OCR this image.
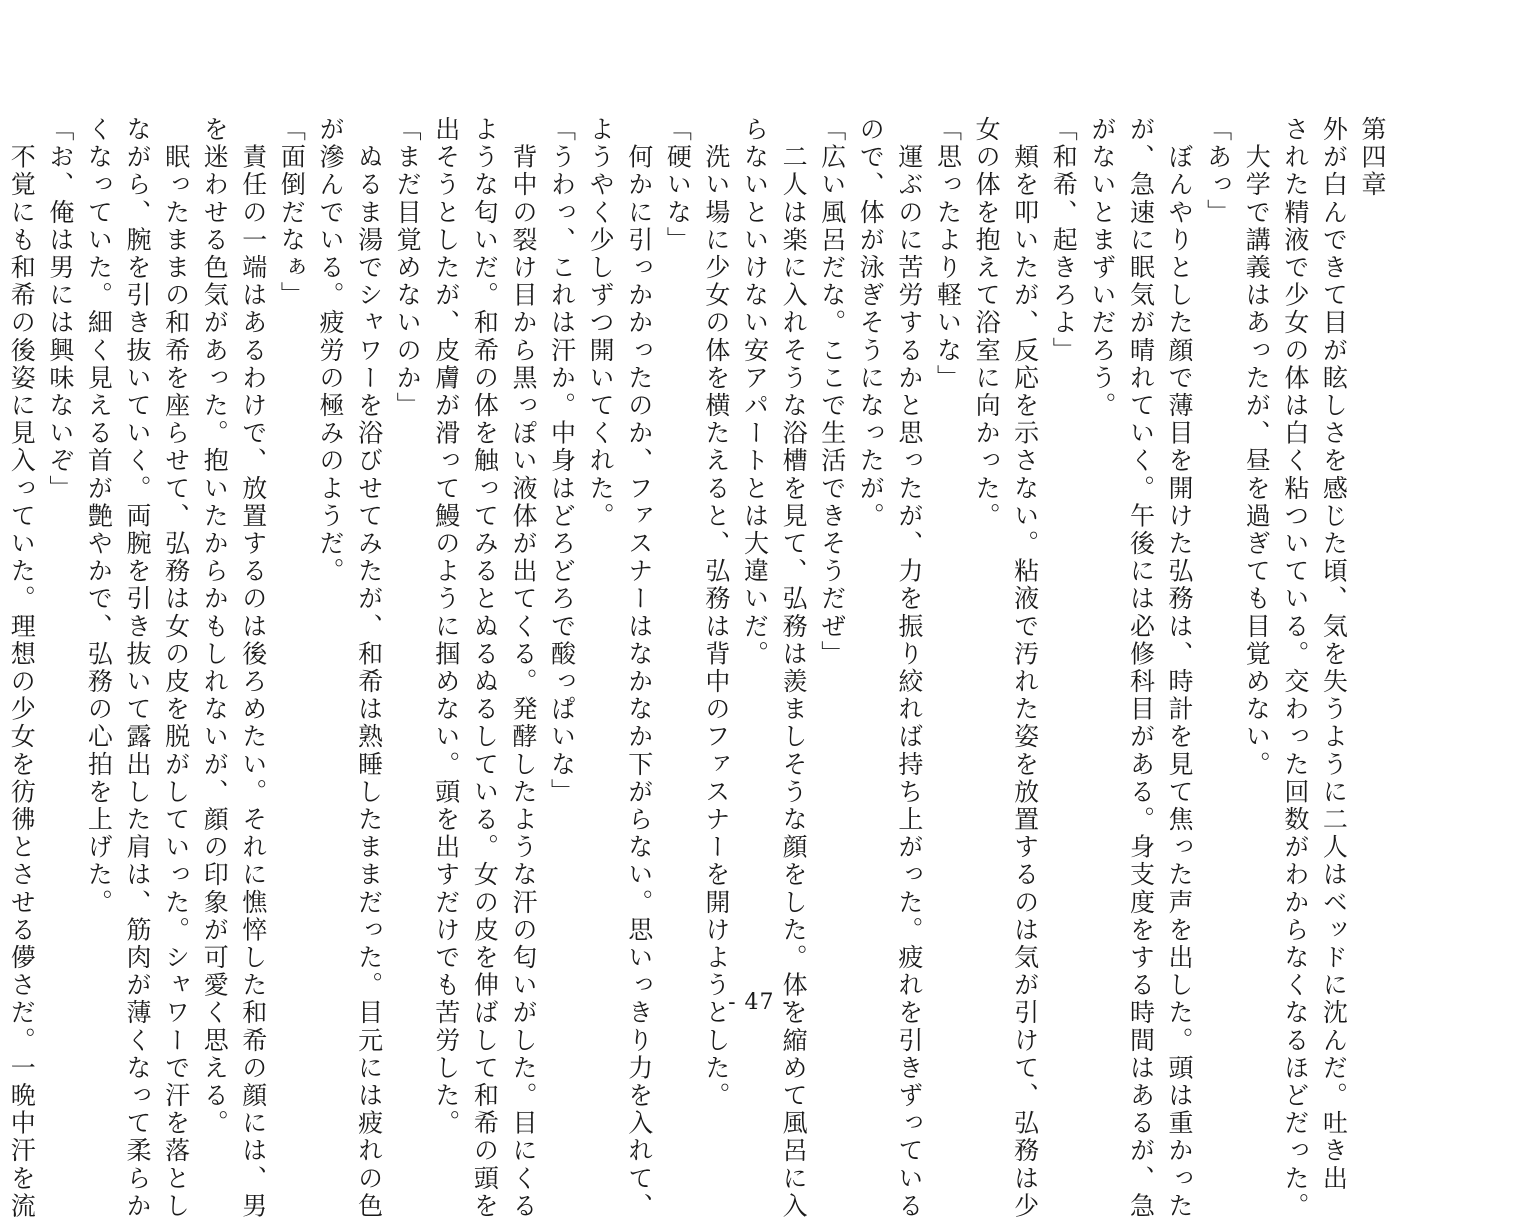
第四章
外が白んできて目が眩しさを感じた頃、気を失うように二人はベッドに沈んだ。吐き出
された精液で少女の体は白く粘ついている。交わった回数がわからなくなるほどだった。
　大学で講義はあったが、昼を過ぎても目覚めない。
「あっ」
　ぼんやりとした顔で薄目を開けた弘務は、時計を見て焦った声を出した。頭は重かった
が、急速に眠気が晴れていく。午後には必修科目がある。身支度をする時間はあるが、急
がないとまずいだろう。
「和希、起きろよ」
　頬を叩いたが、反応を示さない。粘液で汚れた姿を放置するのは気が引けて、弘務は少
女の体を抱えて浴室に向かった。
「思ったより軽いな」
　運ぶのに苦労するかと思ったが、力を振り絞れば持ち上がった。疲れを引きずっている
ので、体が泳ぎそうになったが。
「広い風呂だな。ここで生活できそうだぜ」
　二人は楽に入れそうな浴槽を見て、弘務は羨ましそうな顔をした。体を縮めて風呂に入
らないといけない安アパートとは大違いだ。
　洗い場に少女の体を横たえると、弘務は背中のファスナーを開けようとした。
「硬いな」
　何かに引っかかったのか、ファスナーはなかなか下がらない。思いっきり力を入れて、
ようやく少しずつ開いてくれた。
「うわっ、これは汗か。中身はどろどろで酸っぱいな」
　背中の裂け目から黒っぽい液体が出てくる。発酵したような汗の匂いがした。目にくる
ような匂いだ。和希の体を触ってみるとぬるぬるしている。女の皮を伸ばして和希の頭を
出そうとしたが、皮膚が滑って鰻のように掴めない。頭を出すだけでも苦労した。
「まだ目覚めないのか」
　ぬるま湯でシャワーを浴びせてみたが、和希は熟睡したままだった。目元には疲れの色
が滲んでいる。疲労の極みのようだ。
「面倒だなぁ」
　責任の一端はあるわけで、放置するのは後ろめたい。それに憔悴した和希の顔には、男
を迷わせる色気があった。抱いたからかもしれないが、顔の印象が可愛く思える。
　眠ったままの和希を座らせて、弘務は女の皮を脱がしていった。シャワーで汗を落とし
ながら、腕を引き抜いていく。両腕を引き抜いて露出した肩は、筋肉が薄くなって柔らか
くなっていた。細く見える首が艶やかで、弘務の心拍を上げた。
「お、俺は男には興味ないぞ」
　不覚にも和希の後姿に見入っていた。理想の少女を彷彿とさせる儚さだ。一晩中汗を流	- 47 -
